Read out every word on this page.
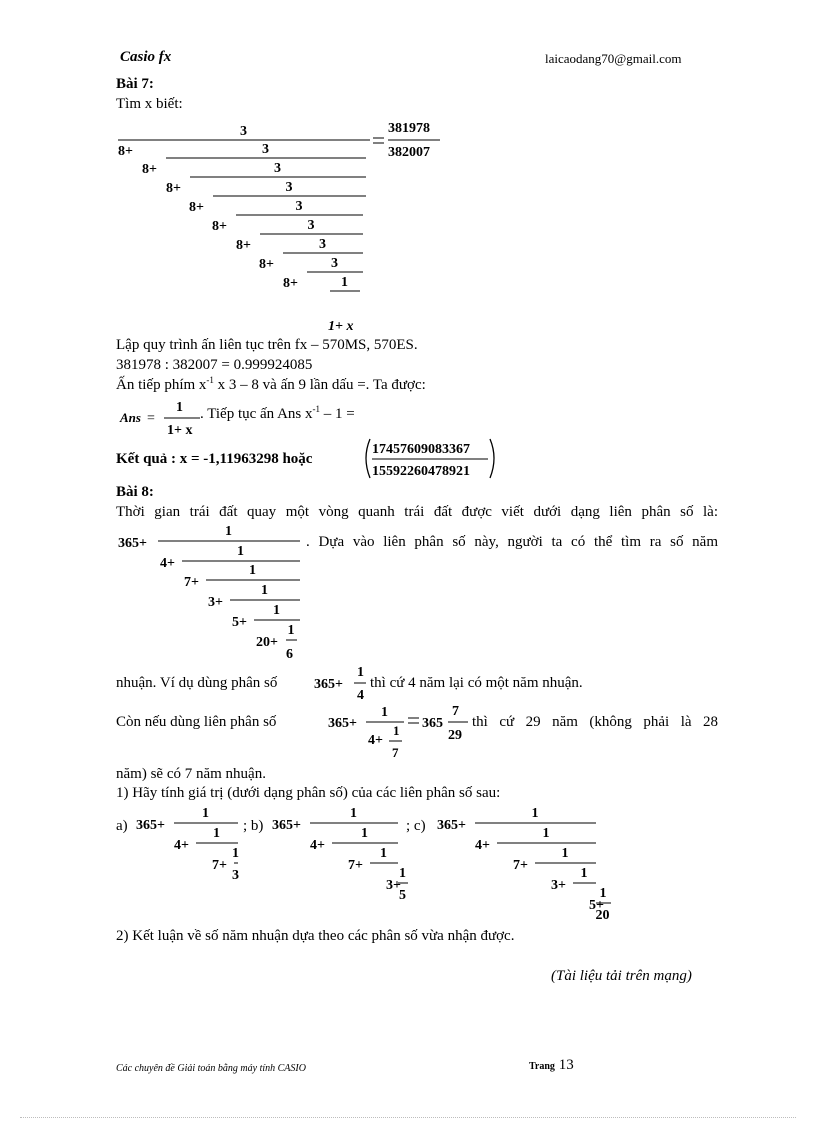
Casio fx	laicaodang70@gmail.com
Bài 7:
Tìm x biết:
3
8+	3
8+	3
8+	3
8+	3
8+	3
8+	3
8+	3
8+	1
1+ x
381978
382007
Lập quy trình ấn liên tục trên fx – 570MS, 570ES.
381978 : 382007 = 0.999924085
Ấn tiếp phím $x^{-1}$ x 3 – 8 và ấn 9 lần dấu =. Ta được:
Ans =
1
1+ x
. Tiếp tục ấn Ans $x^{-1} - 1$ =
Kết quả : x = -1,11963298 hoặc
17457609083367
15592260478921
Bài 8:
Thời gian trái đất quay một vòng quanh trái đất được viết dưới dạng liên phân số là:
365+
1
4+
1
7+
1
3+
1
5+
1
20+
1
6
. Dựa vào liên phân số này, người ta có thể tìm ra số năm
nhuận. Ví dụ dùng phân số	365+
1
4
thì cứ 4 năm lại có một năm nhuận.
Còn nếu dùng liên phân số	365+
1
4+
1
7
365
7
29
thì cứ 29 năm (không phải là 28
năm) sẽ có 7 năm nhuận.
1) Hãy tính giá trị (dưới dạng phân số) của các liên phân số sau:
365+
1
4+
1
7+
1
3
365+
1
4+
1
7+
1
3+
1
5
365+
1
4+
1
7+
1
3+
1
5+
1
20
a)	; b)	; c)
2) Kết luận về số năm nhuận dựa theo các phân số vừa nhận được.
(Tài liệu tải trên mạng)
Các chuyên đề Giải toán bằng máy tính CASIO	Trang 13
